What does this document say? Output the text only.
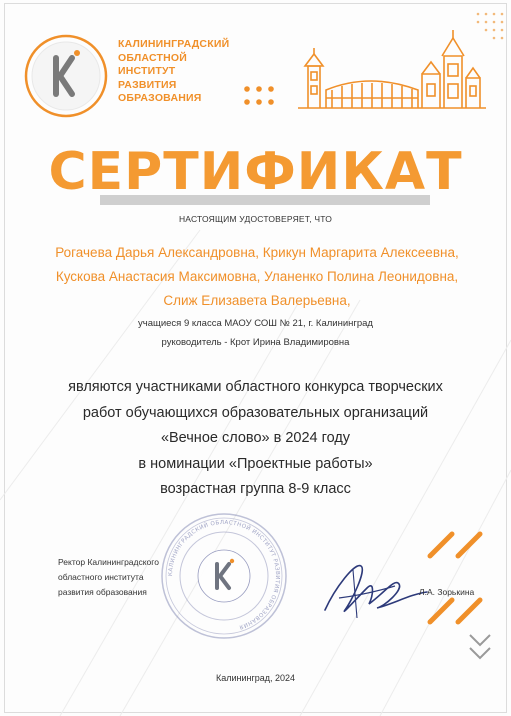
КАЛИНИНГРАДСКИЙ
ОБЛАСТНОЙ
ИНСТИТУТ
РАЗВИТИЯ
ОБРАЗОВАНИЯ
СЕРТИФИКАТ
НАСТОЯЩИМ УДОСТОВЕРЯЕТ, ЧТО
Рогачева Дарья Александровна, Крикун Маргарита Алексеевна,
Кускова Анастасия Максимовна, Уланенко Полина Леонидовна,
Слиж Елизавета Валерьевна,
учащиеся 9 класса МАОУ СОШ № 21, г. Калининград
руководитель - Крот Ирина Владимировна
являются участниками областного конкурса творческих
работ обучающихся образовательных организаций
«Вечное слово» в 2024 году
в номинации «Проектные работы»
возрастная группа 8-9 класс
КАЛИНИНГРАДСКИЙ ОБЛАСТНОЙ ИНСТИТУТ РАЗВИТИЯ ОБРАЗОВАНИЯ
Ректор Калининградского
областного института
развития образования	Л.А. Зорькина
Калининград, 2024
